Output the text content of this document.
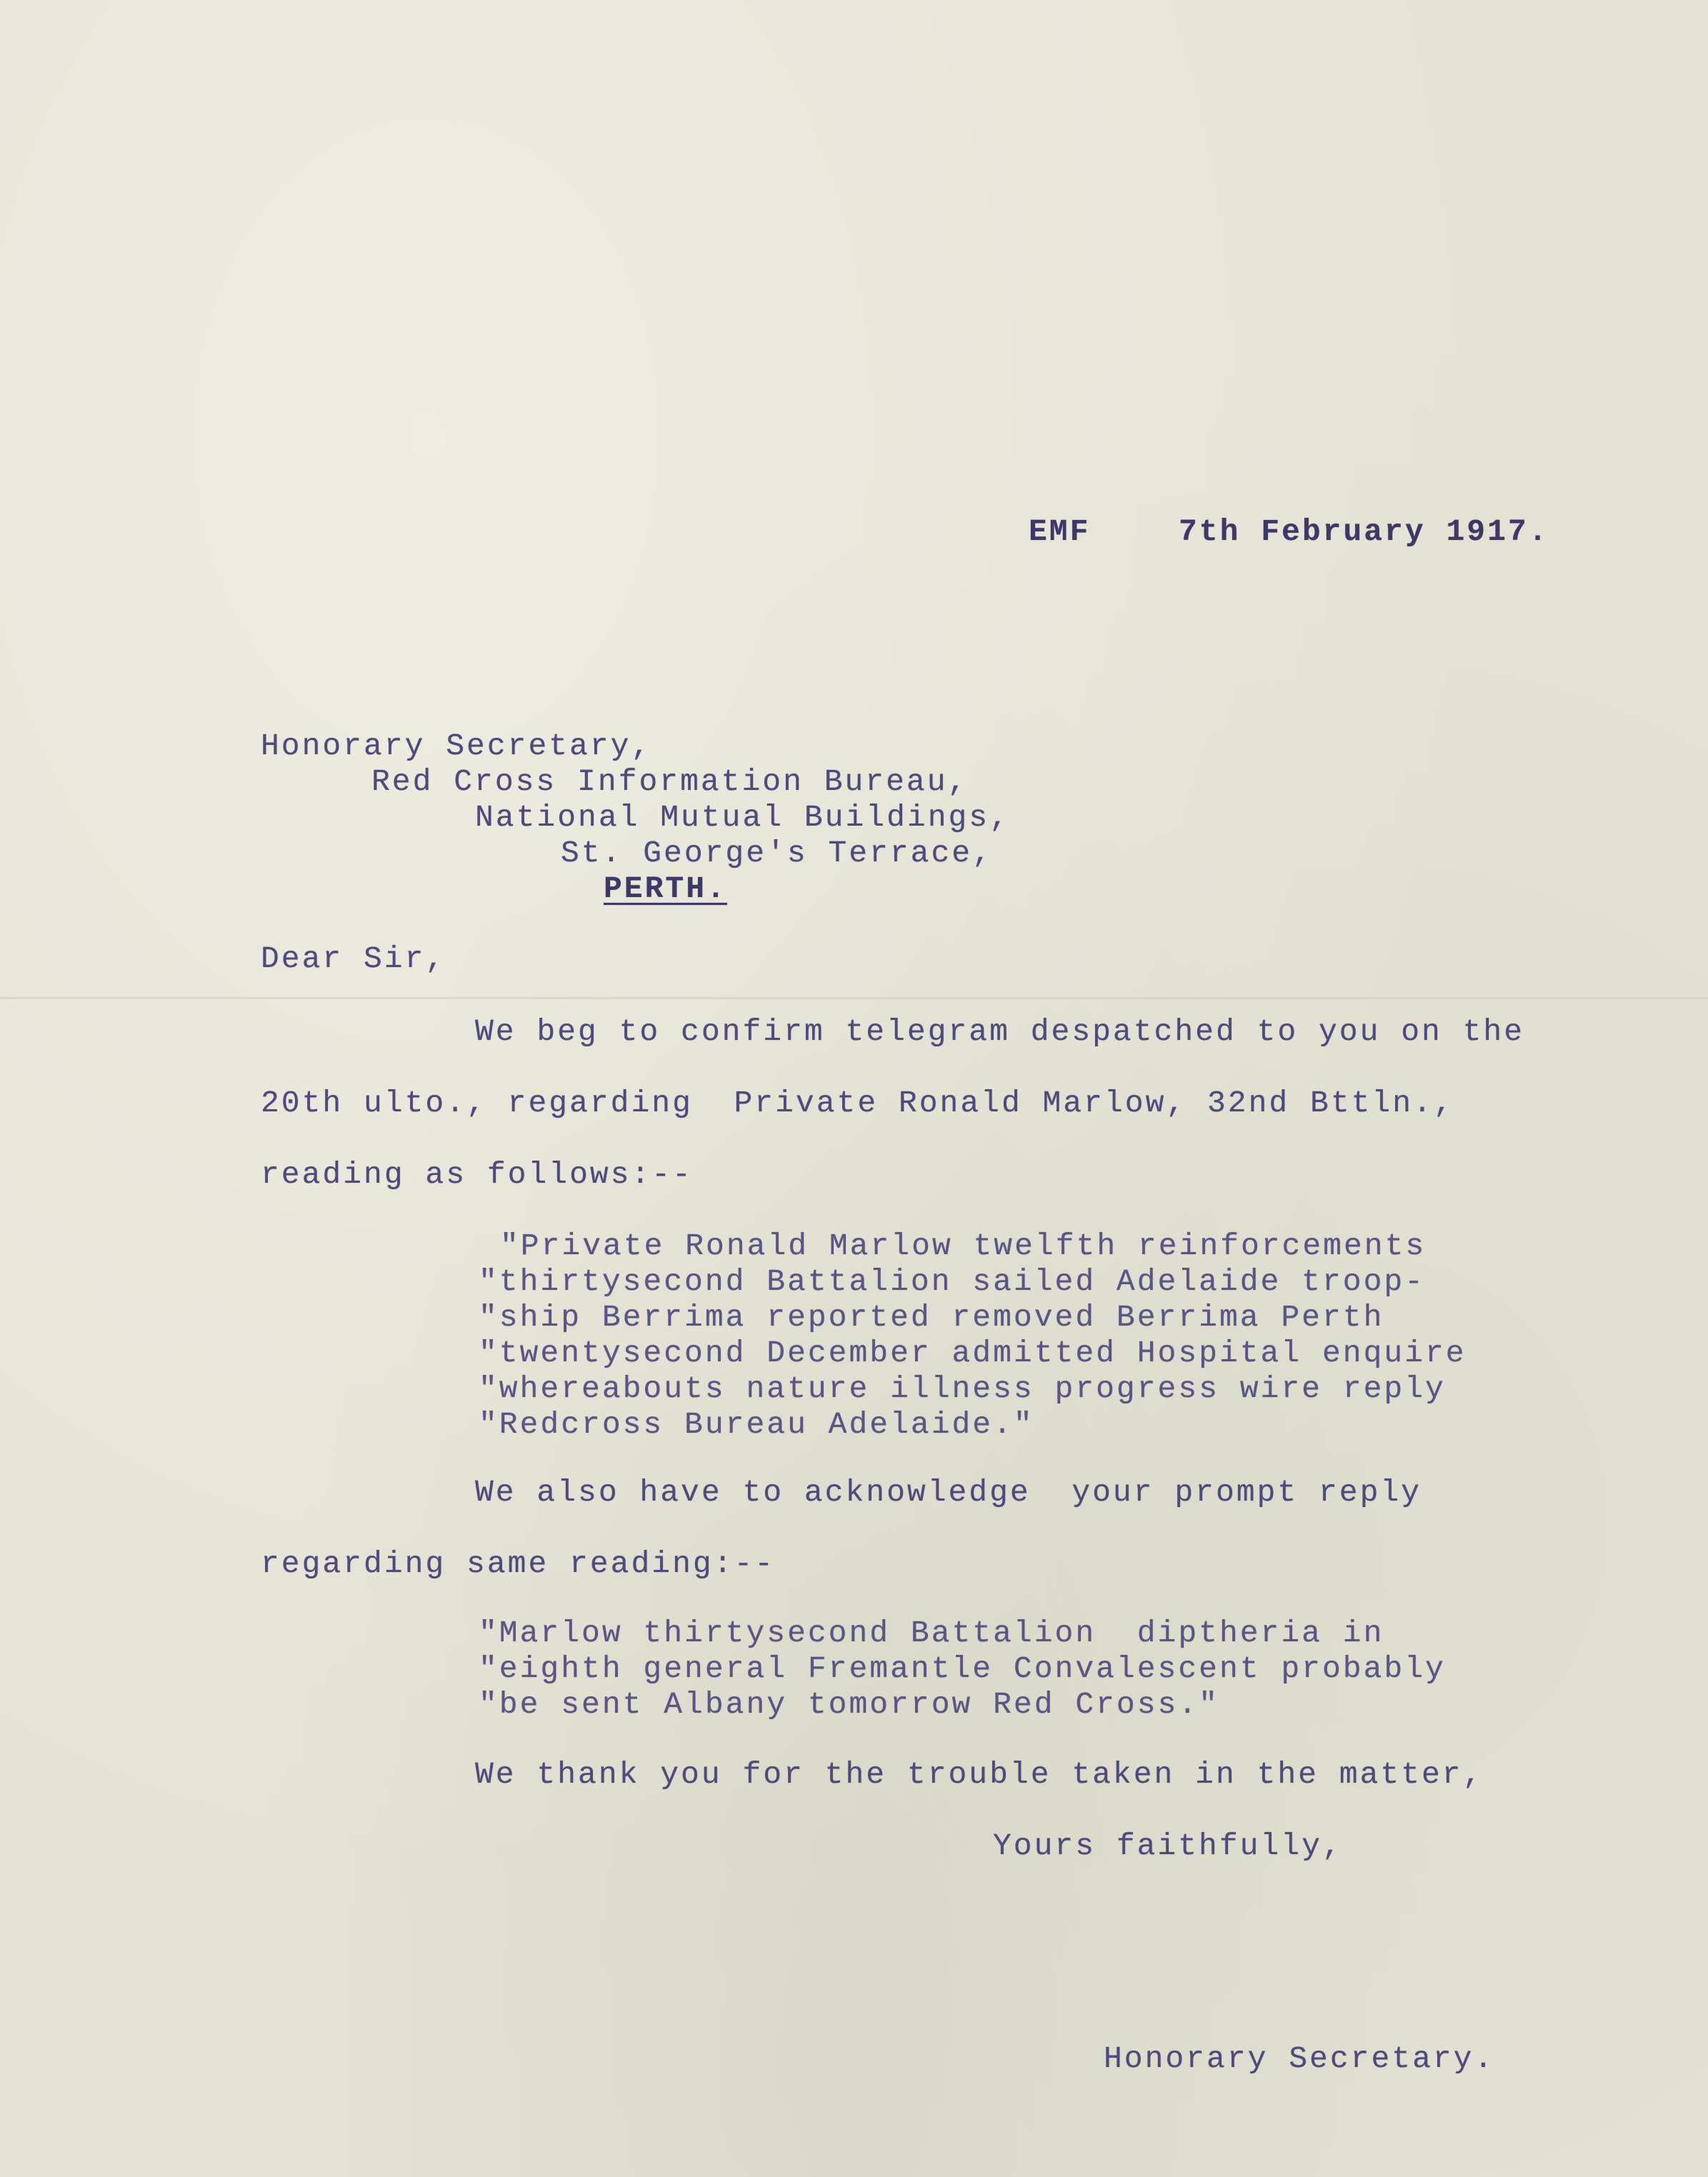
EMF	7th February 1917.

Honorary Secretary,

Red Cross Information Bureau,

National Mutual Buildings,

St. George's Terrace,

PERTH.

Dear Sir,

We beg to confirm telegram despatched to you on the

20th ulto., regarding  Private Ronald Marlow, 32nd Bttln.,

reading as follows:--

"Private Ronald Marlow twelfth reinforcements

"thirtysecond Battalion sailed Adelaide troop-

"ship Berrima reported removed Berrima Perth

"twentysecond December admitted Hospital enquire

"whereabouts nature illness progress wire reply

"Redcross Bureau Adelaide."

We also have to acknowledge  your prompt reply

regarding same reading:--

"Marlow thirtysecond Battalion  diptheria in

"eighth general Fremantle Convalescent probably

"be sent Albany tomorrow Red Cross."

We thank you for the trouble taken in the matter,

Yours faithfully,

Honorary Secretary.
